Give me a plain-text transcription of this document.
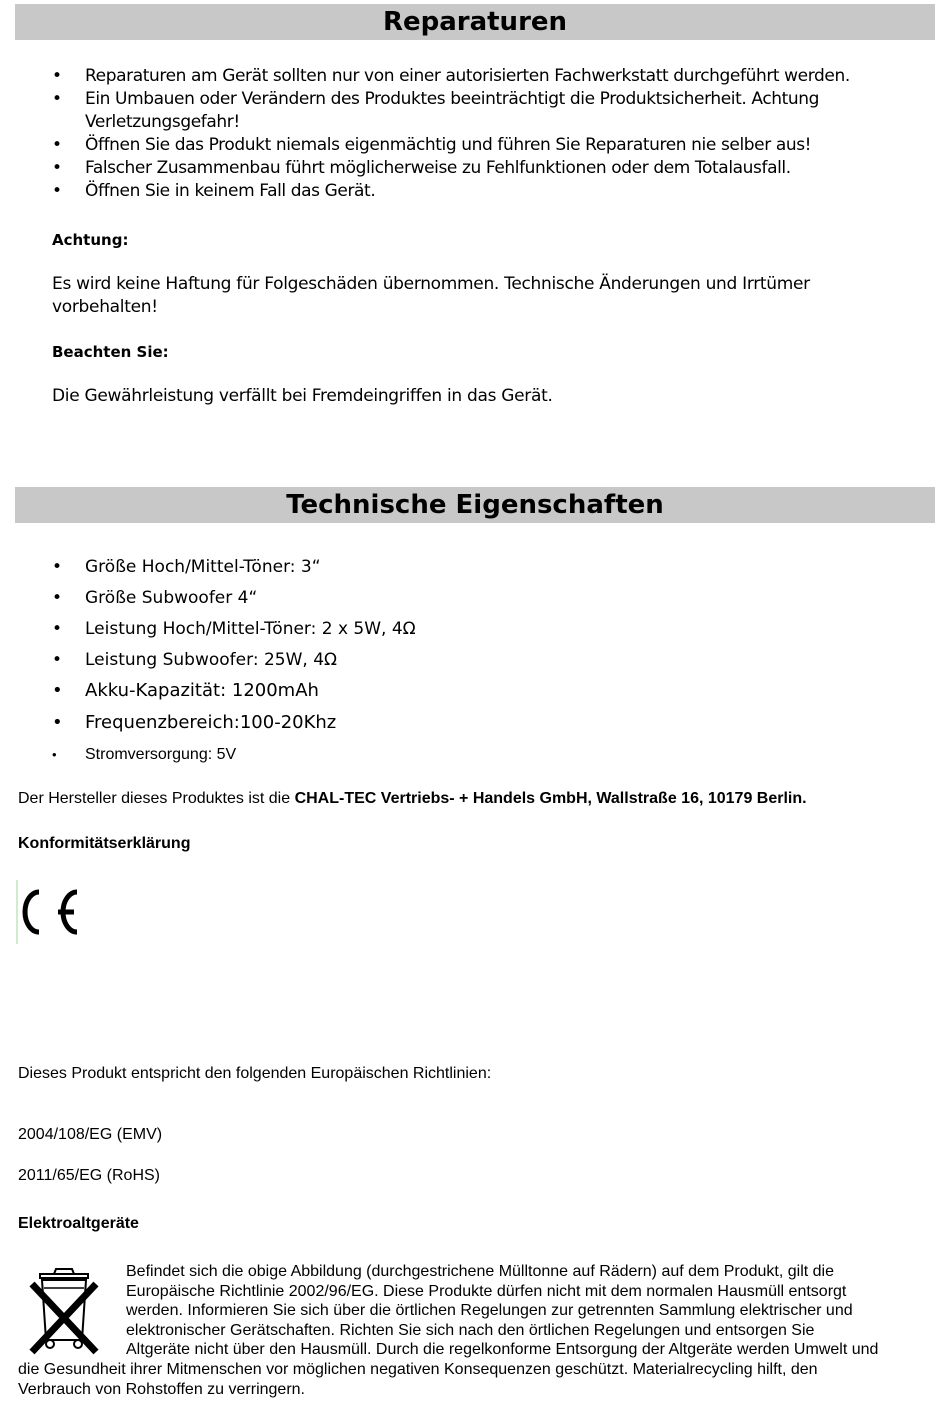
Reparaturen
• Reparaturen am Gerät sollten nur von einer autorisierten Fachwerkstatt durchgeführt werden.
• Ein Umbauen oder Verändern des Produktes beeinträchtigt die Produktsicherheit. Achtung Verletzungsgefahr!
• Öffnen Sie das Produkt niemals eigenmächtig und führen Sie Reparaturen nie selber aus!
• Falscher Zusammenbau führt möglicherweise zu Fehlfunktionen oder dem Totalausfall.
• Öffnen Sie in keinem Fall das Gerät.
Achtung:
Es wird keine Haftung für Folgeschäden übernommen. Technische Änderungen und Irrtümer vorbehalten!
Beachten Sie:
Die Gewährleistung verfällt bei Fremdeingriffen in das Gerät.
Technische Eigenschaften
• Größe Hoch/Mittel-Töner: 3“
• Größe Subwoofer 4“
• Leistung Hoch/Mittel-Töner: 2 x 5W, 4Ω
• Leistung Subwoofer: 25W, 4Ω
• Akku-Kapazität: 1200mAh
• Frequenzbereich:100-20Khz
• Stromversorgung: 5V
Der Hersteller dieses Produktes ist die CHAL-TEC Vertriebs- + Handels GmbH, Wallstraße 16, 10179 Berlin.
Konformitätserklärung
Dieses Produkt entspricht den folgenden Europäischen Richtlinien:
2004/108/EG (EMV)
2011/65/EG (RoHS)
Elektroaltgeräte
Befindet sich die obige Abbildung (durchgestrichene Mülltonne auf Rädern) auf dem Produkt, gilt die
Europäische Richtlinie 2002/96/EG. Diese Produkte dürfen nicht mit dem normalen Hausmüll entsorgt
werden. Informieren Sie sich über die örtlichen Regelungen zur getrennten Sammlung elektrischer und
elektronischer Gerätschaften. Richten Sie sich nach den örtlichen Regelungen und entsorgen Sie
Altgeräte nicht über den Hausmüll. Durch die regelkonforme Entsorgung der Altgeräte werden Umwelt und
die Gesundheit ihrer Mitmenschen vor möglichen negativen Konsequenzen geschützt. Materialrecycling hilft, den
Verbrauch von Rohstoffen zu verringern.
